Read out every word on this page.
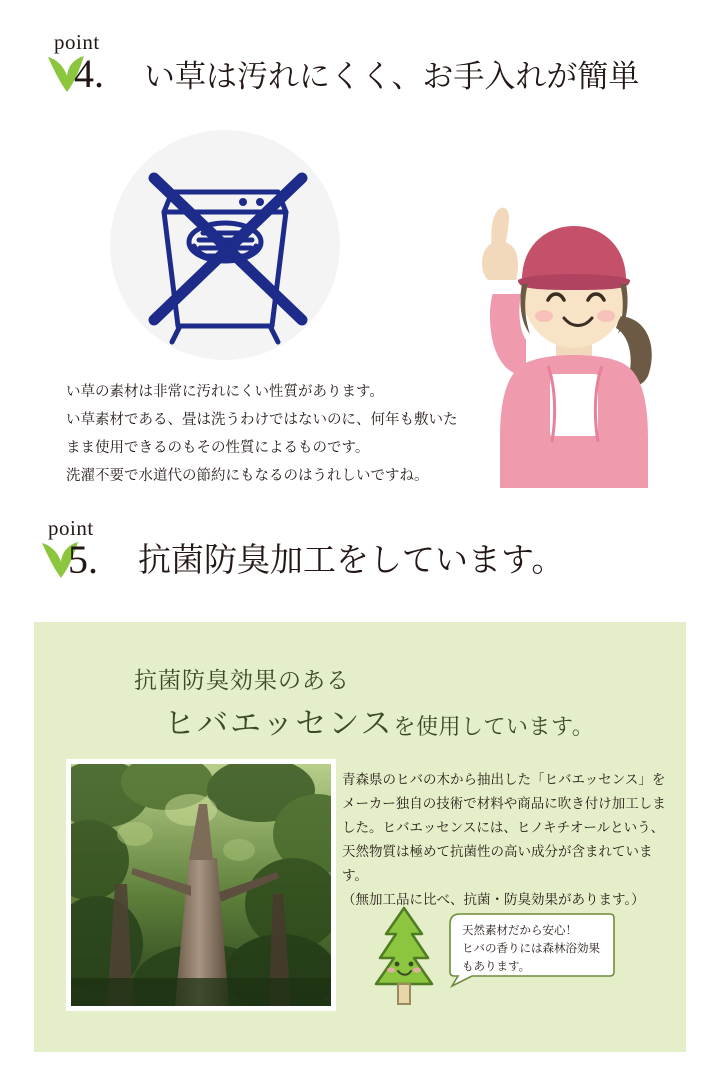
point
4. い草は汚れにくく、お手入れが簡単

い草の素材は非常に汚れにくい性質があります。

い草素材である、畳は洗うわけではないのに、何年も敷いた

まま使用できるのもその性質によるものです。

洗濯不要で水道代の節約にもなるのはうれしいですね。

point
5. 抗菌防臭加工をしています。
抗菌防臭効果のある
ヒバエッセンスを使用しています。

青森県のヒバの木から抽出した「ヒバエッセンス」を

メーカー独自の技術で材料や商品に吹き付け加工しま

した。ヒバエッセンスには、ヒノキチオールという、

天然物質は極めて抗菌性の高い成分が含まれています。

（無加工品に比べ、抗菌・防臭効果があります。）

天然素材だから安心！

ヒバの香りには森林浴効果

もあります。
